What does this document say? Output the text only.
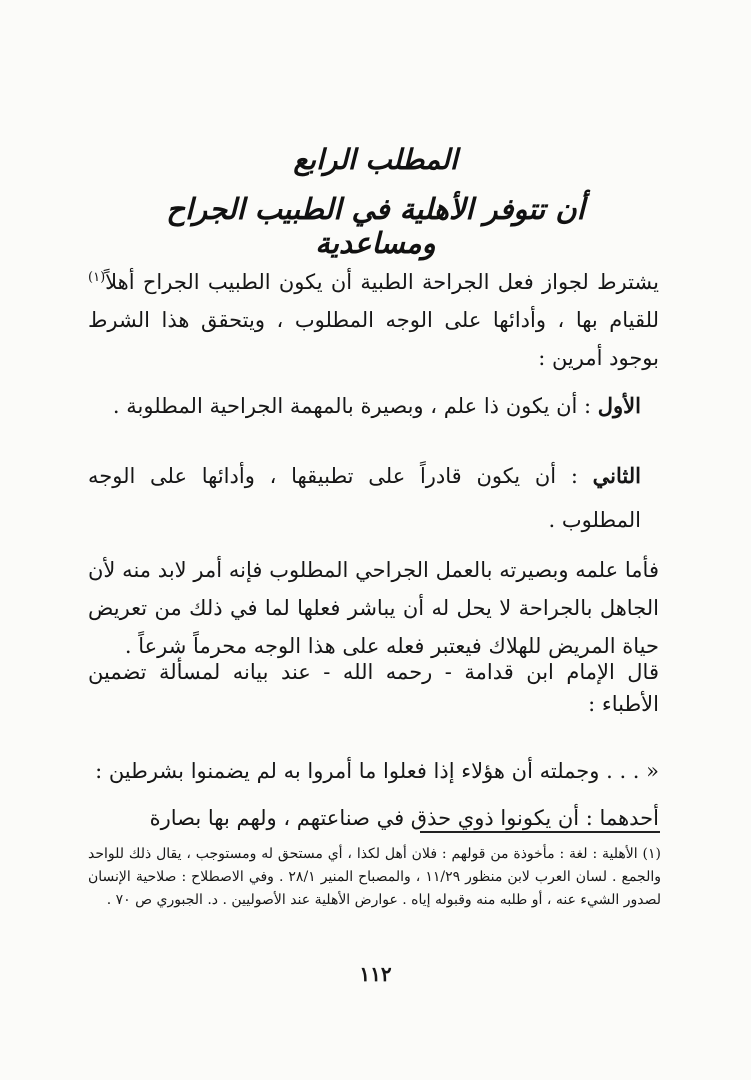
المطلب الرابع
أن تتوفر الأهلية في الطبيب الجراح ومساعدية
يشترط لجواز فعل الجراحة الطبية أن يكون الطبيب الجراح أهلاً$^{(١)}$ للقيام بها ، وأدائها على الوجه المطلوب ، ويتحقق هذا الشرط بوجود أمرين :
الأول : أن يكون ذا علم ، وبصيرة بالمهمة الجراحية المطلوبة .
الثاني : أن يكون قادراً على تطبيقها ، وأدائها على الوجه المطلوب .
فأما علمه وبصيرته بالعمل الجراحي المطلوب فإنه أمر لابد منه لأن الجاهل بالجراحة لا يحل له أن يباشر فعلها لما في ذلك من تعريض حياة المريض للهلاك فيعتبر فعله على هذا الوجه محرماً شرعاً .
قال الإمام ابن قدامة - رحمه الله - عند بيانه لمسألة تضمين الأطباء :
« . . . وجملته أن هؤلاء إذا فعلوا ما أمروا به لم يضمنوا بشرطين :
أحدهما : أن يكونوا ذوي حذق في صناعتهم ، ولهم بها بصارة
(١) الأهلية : لغة : مأخوذة من قولهم : فلان أهل لكذا ، أي مستحق له ومستوجب ، يقال ذلك للواحد والجمع . لسان العرب لابن منظور ١١/٢٩ ، والمصباح المنير ٢٨/١ . وفي الاصطلاح : صلاحية الإنسان لصدور الشيء عنه ، أو طلبه منه وقبوله إياه . عوارض الأهلية عند الأصوليين . د. الجبوري ص ٧٠ .
١١٢
